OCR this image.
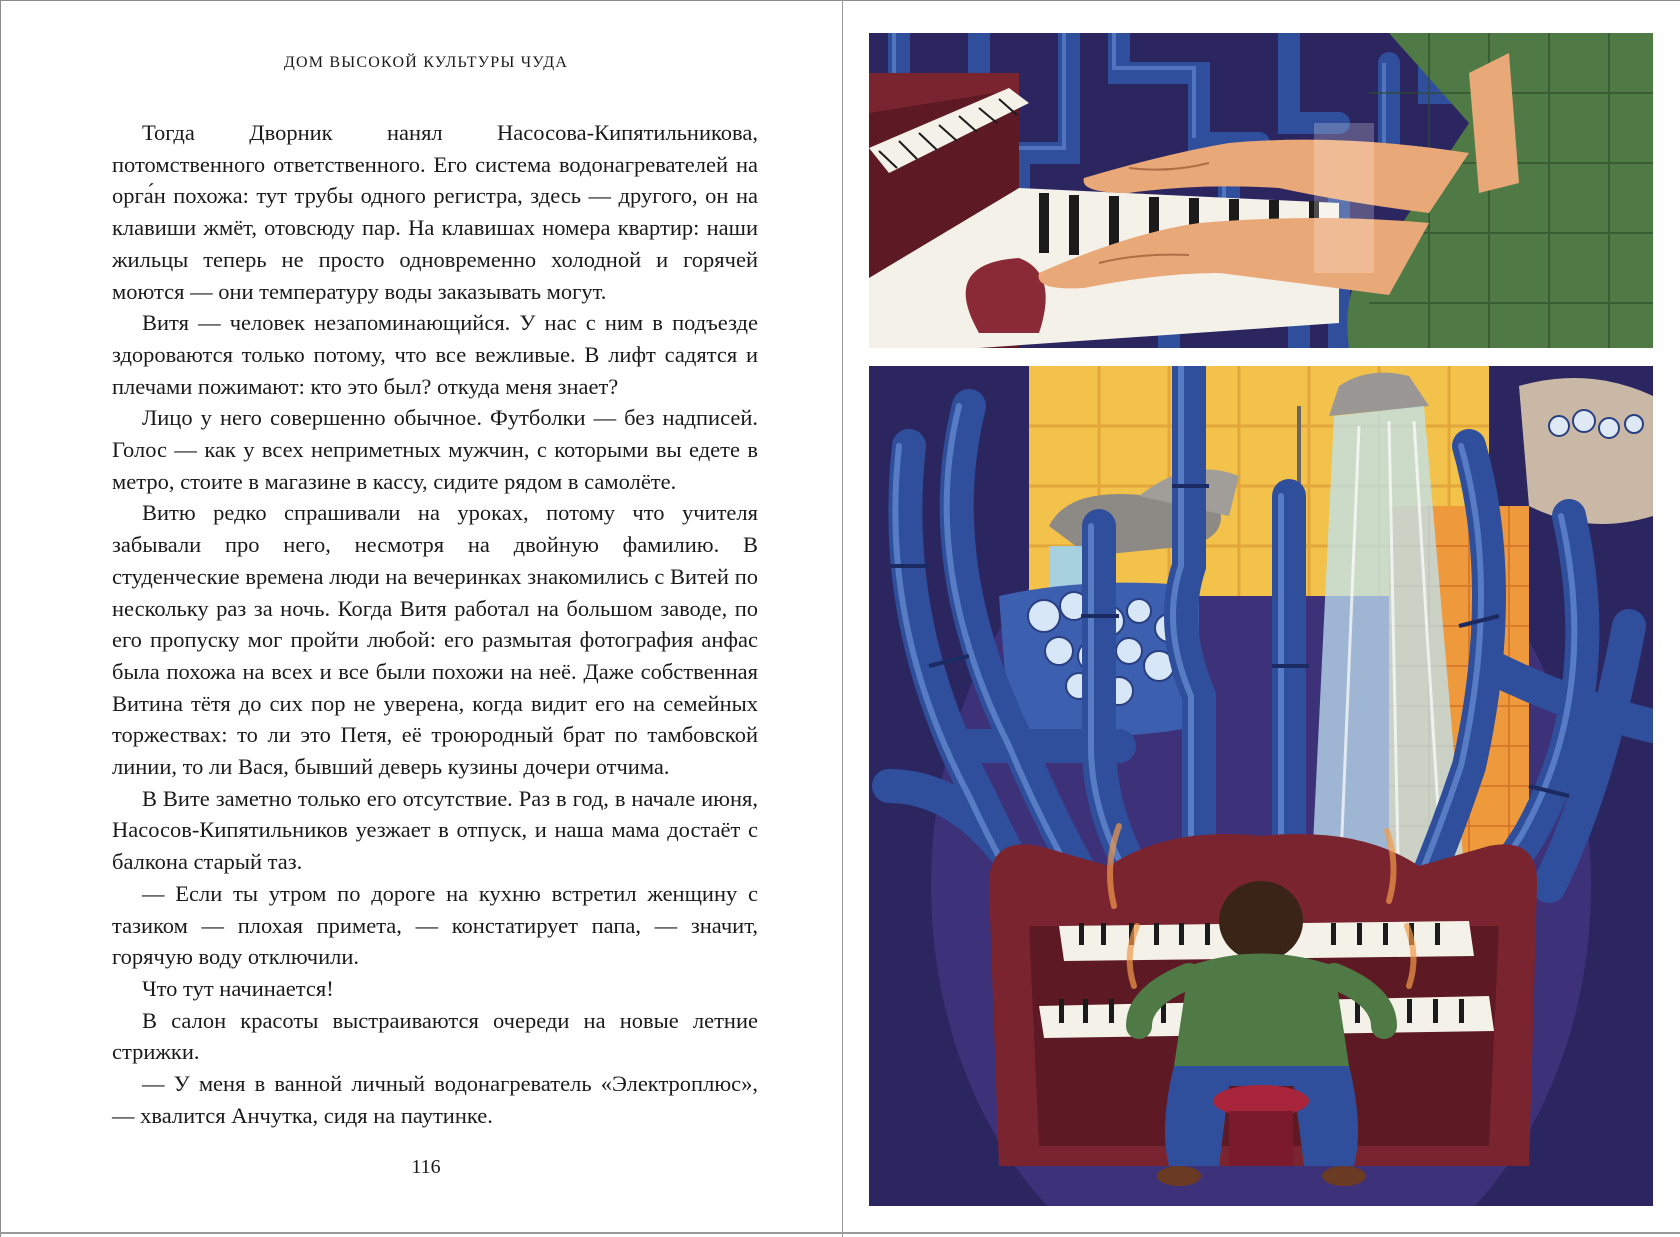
ДОМ ВЫСОКОЙ КУЛЬТУРЫ ЧУДА

Тогда Дворник нанял Насосова-Кипятильникова, потомственного ответственного. Его система водонагревателей на орга́н похожа: тут трубы одного регистра, здесь — другого, он на клавиши жмёт, отовсюду пар. На клавишах номера квартир: наши жильцы теперь не просто одновременно холодной и горячей моются — они температуру воды заказывать могут.

Витя — человек незапоминающийся. У нас с ним в подъезде здороваются только потому, что все вежливые. В лифт садятся и плечами пожимают: кто это был? откуда меня знает?

Лицо у него совершенно обычное. Футболки — без надписей. Голос — как у всех неприметных мужчин, с которыми вы едете в метро, стоите в магазине в кассу, сидите рядом в самолёте.

Витю редко спрашивали на уроках, потому что учителя забывали про него, несмотря на двойную фамилию. В студенческие времена люди на вечеринках знакомились с Витей по нескольку раз за ночь. Когда Витя работал на большом заводе, по его пропуску мог пройти любой: его размытая фотография анфас была похожа на всех и все были похожи на неё. Даже собственная Витина тётя до сих пор не уверена, когда видит его на семейных торжествах: то ли это Петя, её троюродный брат по тамбовской линии, то ли Вася, бывший деверь кузины дочери отчима.

В Вите заметно только его отсутствие. Раз в год, в начале июня, Насосов-Кипятильников уезжает в отпуск, и наша мама достаёт с балкона старый таз.

— Если ты утром по дороге на кухню встретил женщину с тазиком — плохая примета, — констатирует папа, — значит, горячую воду отключили.

Что тут начинается!

В салон красоты выстраиваются очереди на новые летние стрижки.

— У меня в ванной личный водонагреватель «Электроплюс», — хвалится Анчутка, сидя на паутинке.

116
